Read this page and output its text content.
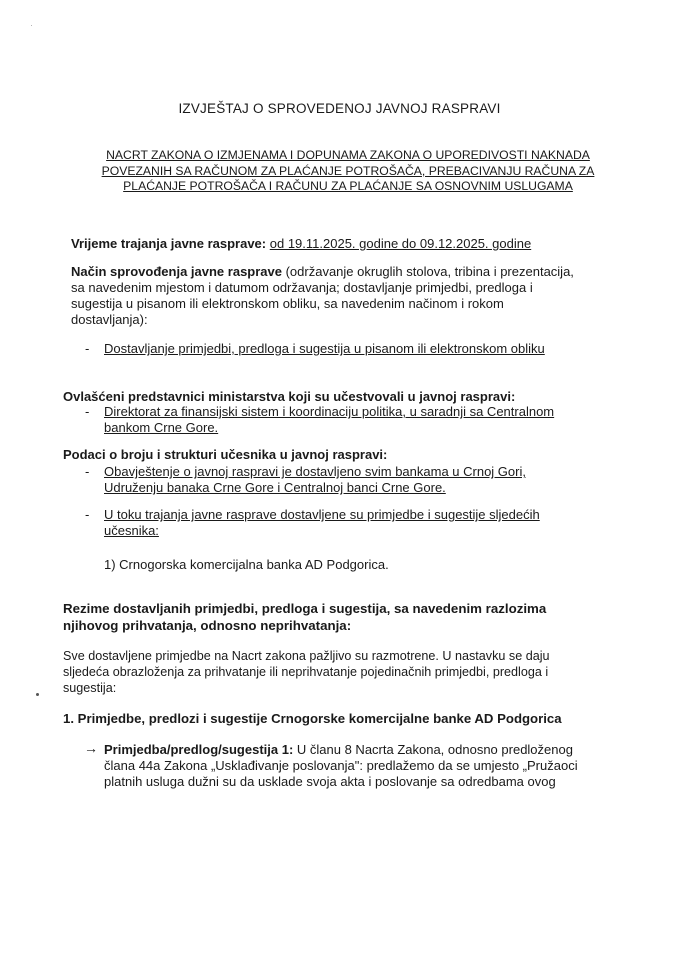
·
IZVJEŠTAJ O SPROVEDENOJ JAVNOJ RASPRAVI
NACRT ZAKONA O IZMJENAMA I DOPUNAMA ZAKONA O UPOREDIVOSTI NAKNADA
POVEZANIH SA RAČUNOM ZA PLAĆANJE POTROŠAČA, PREBACIVANJU RAČUNA ZA
PLAĆANJE POTROŠAČA I RAČUNU ZA PLAĆANJE SA OSNOVNIM USLUGAMA
Vrijeme trajanja javne rasprave: od 19.11.2025. godine do 09.12.2025. godine
Način sprovođenja javne rasprave (održavanje okruglih stolova, tribina i prezentacija,
sa navedenim mjestom i datumom održavanja; dostavljanje primjedbi, predloga i
sugestija u pisanom ili elektronskom obliku, sa navedenim načinom i rokom
dostavljanja):
- Dostavljanje primjedbi, predloga i sugestija u pisanom ili elektronskom obliku
Ovlašćeni predstavnici ministarstva koji su učestvovali u javnoj raspravi:
- Direktorat za finansijski sistem i koordinaciju politika, u saradnji sa Centralnom
bankom Crne Gore.
Podaci o broju i strukturi učesnika u javnoj raspravi:
- Obavještenje o javnoj raspravi je dostavljeno svim bankama u Crnoj Gori,
Udruženju banaka Crne Gore i Centralnoj banci Crne Gore.
- U toku trajanja javne rasprave dostavljene su primjedbe i sugestije sljedećih
učesnika:
1) Crnogorska komercijalna banka AD Podgorica.
Rezime dostavljanih primjedbi, predloga i sugestija, sa navedenim razlozima
njihovog prihvatanja, odnosno neprihvatanja:
Sve dostavljene primjedbe na Nacrt zakona pažljivo su razmotrene. U nastavku se daju
sljedeća obrazloženja za prihvatanje ili neprihvatanje pojedinačnih primjedbi, predloga i
sugestija:
1. Primjedbe, predlozi i sugestije Crnogorske komercijalne banke AD Podgorica
→ Primjedba/predlog/sugestija 1: U članu 8 Nacrta Zakona, odnosno predloženog
člana 44a Zakona „Usklađivanje poslovanja": predlažemo da se umjesto „Pružaoci
platnih usluga dužni su da usklade svoja akta i poslovanje sa odredbama ovog
